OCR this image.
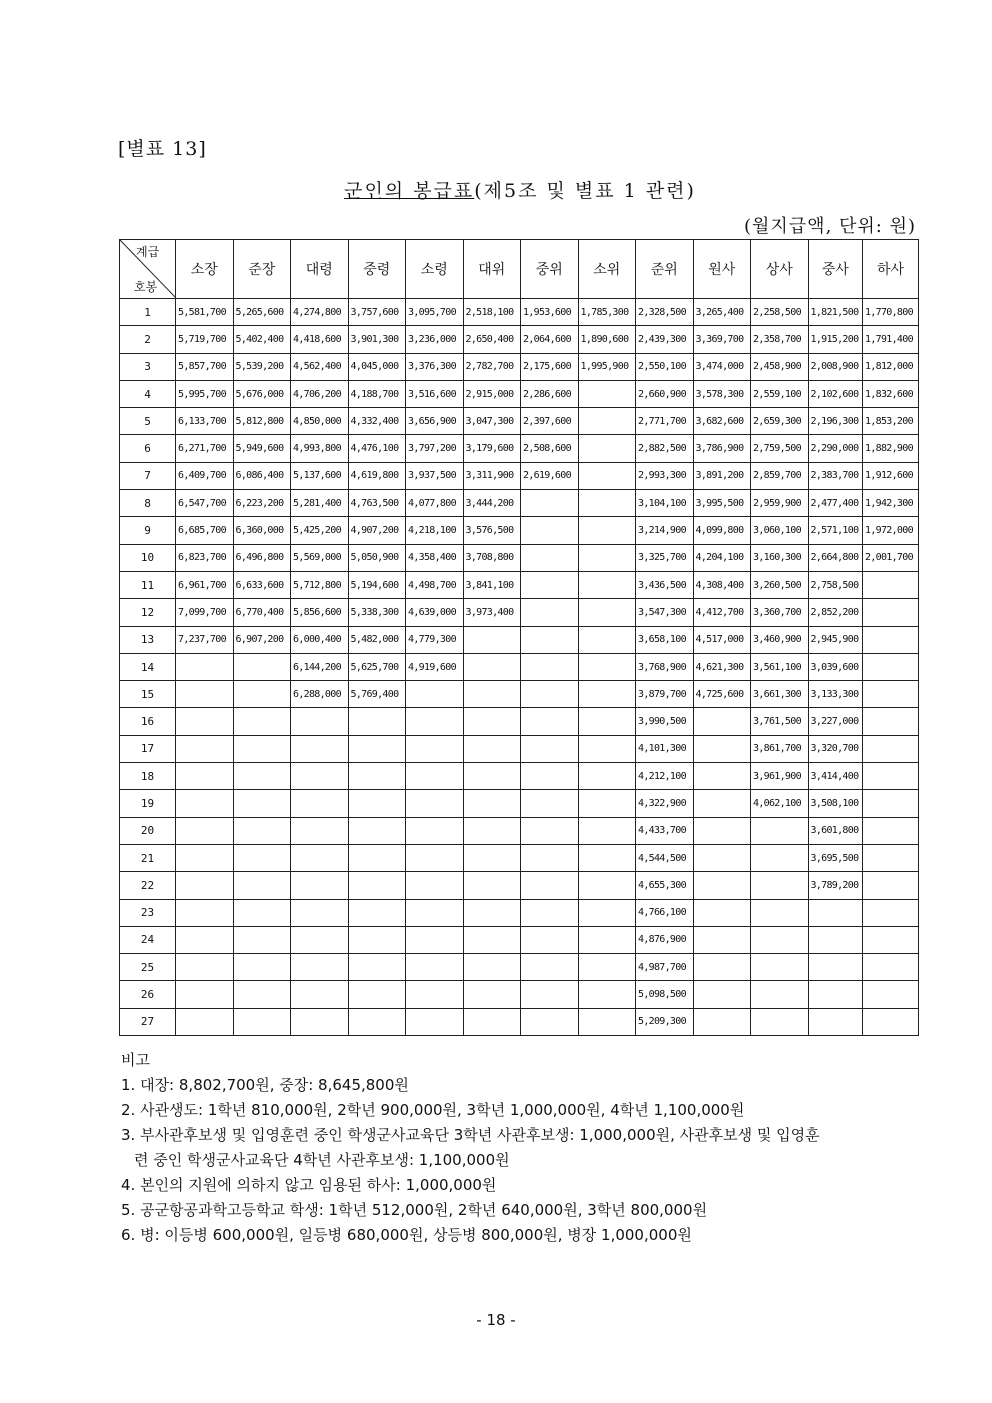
[별표 13]
군인의 봉급표(제5조 및 별표 1 관련)
(월지급액, 단위: 원)
계급
호봉	소장	준장	대령	중령	소령	대위	중위	소위	준위	원사	상사	중사	하사
1	5,581,700	5,265,600	4,274,800	3,757,600	3,095,700	2,518,100	1,953,600	1,785,300	2,328,500	3,265,400	2,258,500	1,821,500	1,770,800
2	5,719,700	5,402,400	4,418,600	3,901,300	3,236,000	2,650,400	2,064,600	1,890,600	2,439,300	3,369,700	2,358,700	1,915,200	1,791,400
3	5,857,700	5,539,200	4,562,400	4,045,000	3,376,300	2,782,700	2,175,600	1,995,900	2,550,100	3,474,000	2,458,900	2,008,900	1,812,000
4	5,995,700	5,676,000	4,706,200	4,188,700	3,516,600	2,915,000	2,286,600		2,660,900	3,578,300	2,559,100	2,102,600	1,832,600
5	6,133,700	5,812,800	4,850,000	4,332,400	3,656,900	3,047,300	2,397,600		2,771,700	3,682,600	2,659,300	2,196,300	1,853,200
6	6,271,700	5,949,600	4,993,800	4,476,100	3,797,200	3,179,600	2,508,600		2,882,500	3,786,900	2,759,500	2,290,000	1,882,900
7	6,409,700	6,086,400	5,137,600	4,619,800	3,937,500	3,311,900	2,619,600		2,993,300	3,891,200	2,859,700	2,383,700	1,912,600
8	6,547,700	6,223,200	5,281,400	4,763,500	4,077,800	3,444,200			3,104,100	3,995,500	2,959,900	2,477,400	1,942,300
9	6,685,700	6,360,000	5,425,200	4,907,200	4,218,100	3,576,500			3,214,900	4,099,800	3,060,100	2,571,100	1,972,000
10	6,823,700	6,496,800	5,569,000	5,050,900	4,358,400	3,708,800			3,325,700	4,204,100	3,160,300	2,664,800	2,001,700
11	6,961,700	6,633,600	5,712,800	5,194,600	4,498,700	3,841,100			3,436,500	4,308,400	3,260,500	2,758,500	
12	7,099,700	6,770,400	5,856,600	5,338,300	4,639,000	3,973,400			3,547,300	4,412,700	3,360,700	2,852,200	
13	7,237,700	6,907,200	6,000,400	5,482,000	4,779,300				3,658,100	4,517,000	3,460,900	2,945,900	
14			6,144,200	5,625,700	4,919,600				3,768,900	4,621,300	3,561,100	3,039,600	
15			6,288,000	5,769,400					3,879,700	4,725,600	3,661,300	3,133,300	
16									3,990,500		3,761,500	3,227,000	
17									4,101,300		3,861,700	3,320,700	
18									4,212,100		3,961,900	3,414,400	
19									4,322,900		4,062,100	3,508,100	
20									4,433,700			3,601,800	
21									4,544,500			3,695,500	
22									4,655,300			3,789,200	
23									4,766,100				
24									4,876,900				
25									4,987,700				
26									5,098,500				
27									5,209,300				
비고
1. 대장: 8,802,700원, 중장: 8,645,800원
2. 사관생도: 1학년 810,000원, 2학년 900,000원, 3학년 1,000,000원, 4학년 1,100,000원
3. 부사관후보생 및 입영훈련 중인 학생군사교육단 3학년 사관후보생: 1,000,000원, 사관후보생 및 입영훈
련 중인 학생군사교육단 4학년 사관후보생: 1,100,000원
4. 본인의 지원에 의하지 않고 임용된 하사: 1,000,000원
5. 공군항공과학고등학교 학생: 1학년 512,000원, 2학년 640,000원, 3학년 800,000원
6. 병: 이등병 600,000원, 일등병 680,000원, 상등병 800,000원, 병장 1,000,000원
- 18 -
